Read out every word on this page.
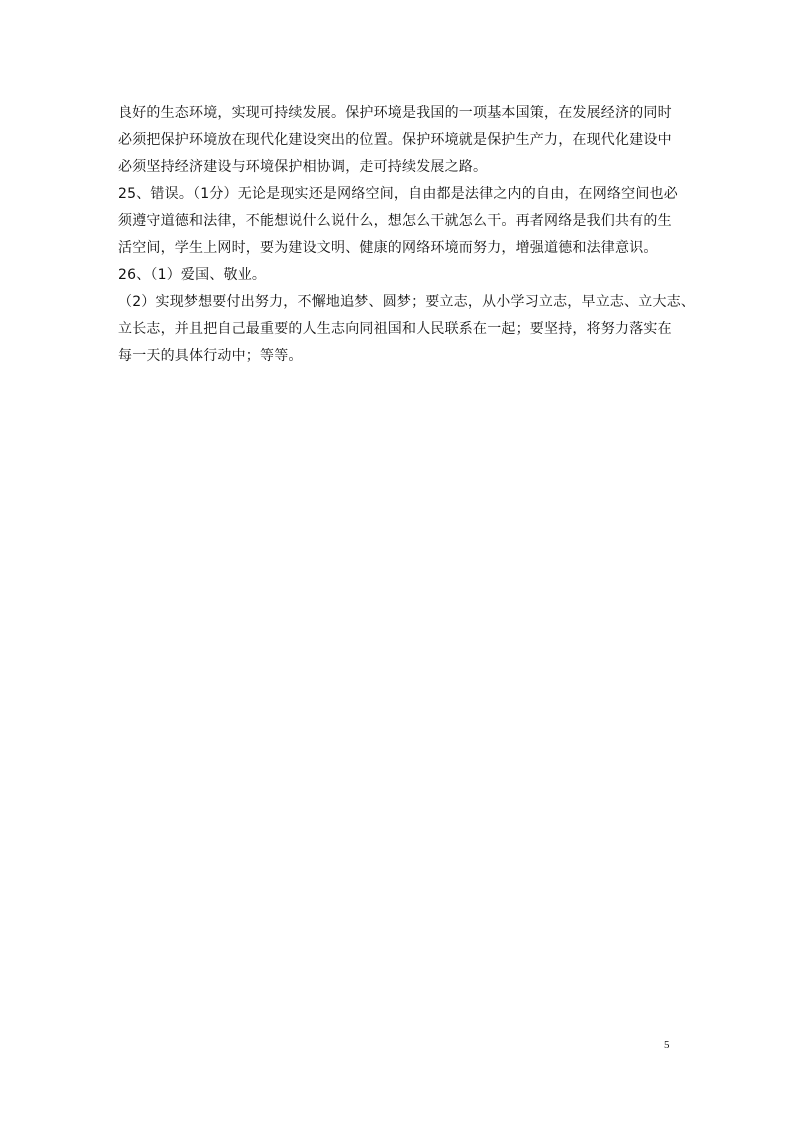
良好的生态环境，实现可持续发展。保护环境是我国的一项基本国策，在发展经济的同时
必须把保护环境放在现代化建设突出的位置。保护环境就是保护生产力，在现代化建设中
必须坚持经济建设与环境保护相协调，走可持续发展之路。
25、错误。（1分）无论是现实还是网络空间，自由都是法律之内的自由，在网络空间也必
须遵守道德和法律，不能想说什么说什么，想怎么干就怎么干。再者网络是我们共有的生
活空间，学生上网时，要为建设文明、健康的网络环境而努力，增强道德和法律意识。
26、（1）爱国、敬业。
（2）实现梦想要付出努力，不懈地追梦、圆梦；要立志，从小学习立志，早立志、立大志、
立长志，并且把自己最重要的人生志向同祖国和人民联系在一起；要坚持，将努力落实在
每一天的具体行动中；等等。
5
